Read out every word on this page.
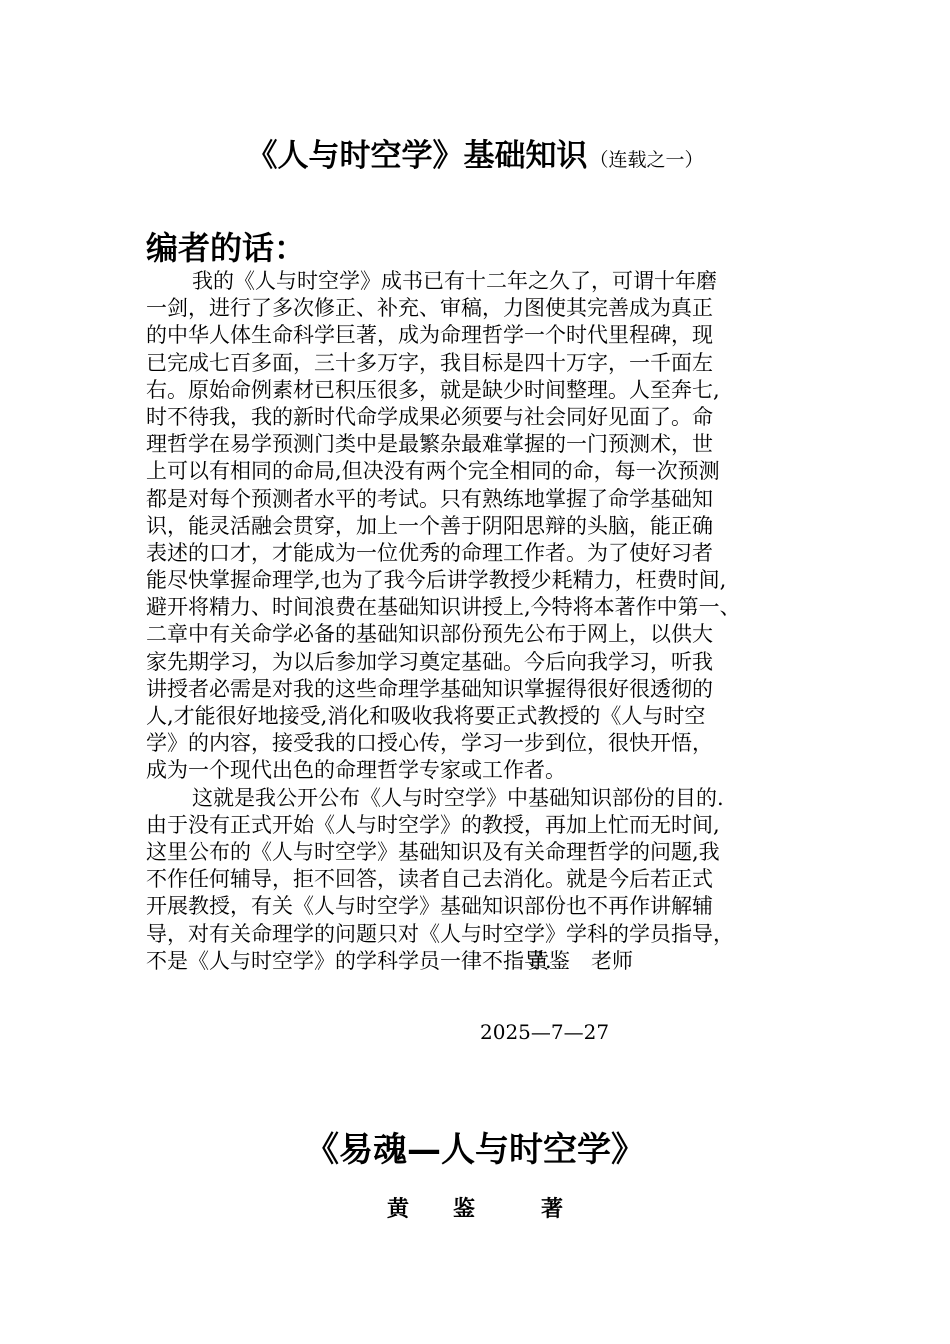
《人与时空学》基础知识 （连载之一）
编者的话：
我的《人与时空学》成书已有十二年之久了，可谓十年磨
一剑，进行了多次修正、补充、审稿，力图使其完善成为真正
的中华人体生命科学巨著，成为命理哲学一个时代里程碑，现
已完成七百多面，三十多万字，我目标是四十万字，一千面左
右。原始命例素材已积压很多，就是缺少时间整理。人至奔七,
时不待我，我的新时代命学成果必须要与社会同好见面了。命
理哲学在易学预测门类中是最繁杂最难掌握的一门预测术，世
上可以有相同的命局,但决没有两个完全相同的命，每一次预测
都是对每个预测者水平的考试。只有熟练地掌握了命学基础知
识，能灵活融会贯穿，加上一个善于阴阳思辩的头脑，能正确
表述的口才，才能成为一位优秀的命理工作者。为了使好习者
能尽快掌握命理学,也为了我今后讲学教授少耗精力，枉费时间,
避开将精力、时间浪费在基础知识讲授上,今特将本著作中第一、
二章中有关命学必备的基础知识部份预先公布于网上，以供大
家先期学习，为以后参加学习奠定基础。今后向我学习，听我
讲授者必需是对我的这些命理学基础知识掌握得很好很透彻的
人,才能很好地接受,消化和吸收我将要正式教授的《人与时空
学》的内容，接受我的口授心传，学习一步到位，很快开悟，
成为一个现代出色的命理哲学专家或工作者。
这就是我公开公布《人与时空学》中基础知识部份的目的.
由于没有正式开始《人与时空学》的教授，再加上忙而无时间,
这里公布的《人与时空学》基础知识及有关命理哲学的问题,我
不作任何辅导，拒不回答，读者自己去消化。就是今后若正式
开展教授，有关《人与时空学》基础知识部份也不再作讲解辅
导，对有关命理学的问题只对《人与时空学》学科的学员指导，
不是《人与时空学》的学科学员一律不指导.
黄鉴　老师
2025—7—27
《易魂—人与时空学》
黄　　鉴　　　著
